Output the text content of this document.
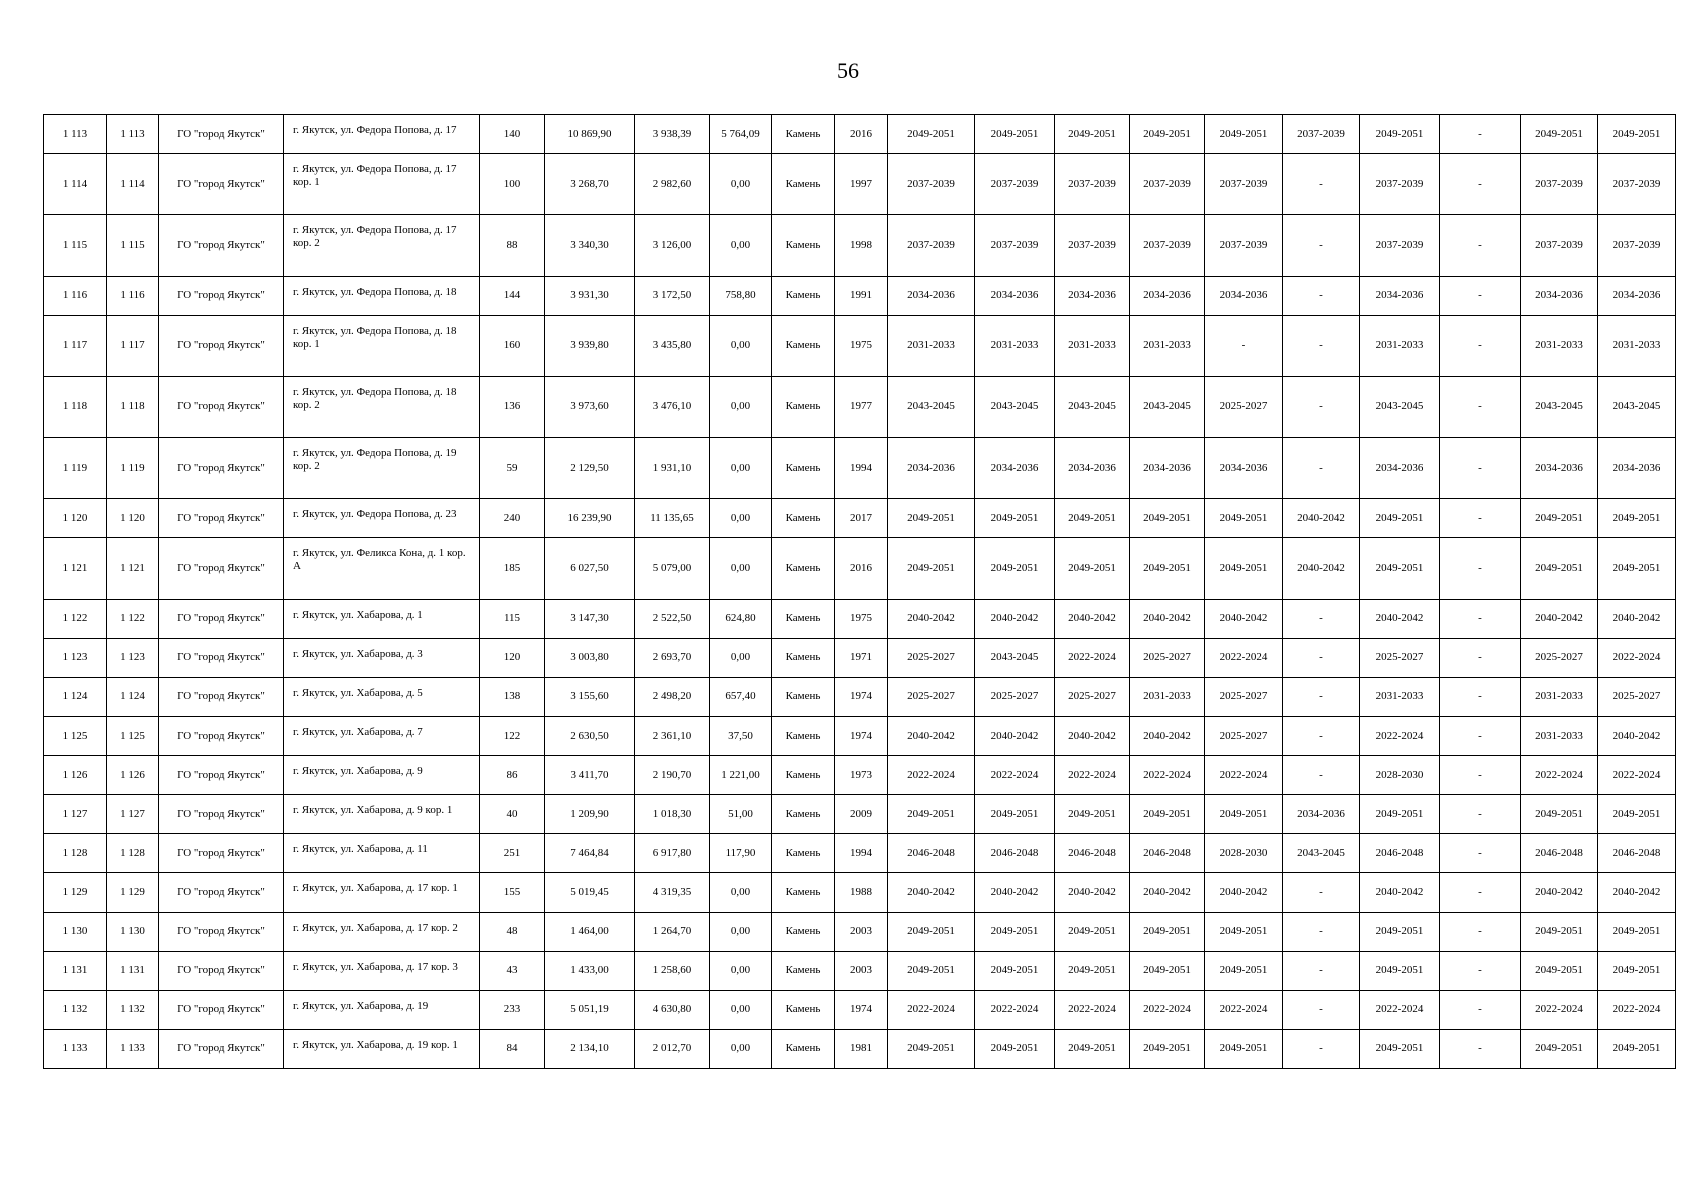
56
1 113	1 113	ГО "город Якутск"	г. Якутск, ул. Федора Попова, д. 17	140	10 869,90	3 938,39	5 764,09	Камень	2016	2049-2051	2049-2051	2049-2051	2049-2051	2049-2051	2037-2039	2049-2051	-	2049-2051	2049-2051
1 114	1 114	ГО "город Якутск"	г. Якутск, ул. Федора Попова, д. 17 кор. 1	100	3 268,70	2 982,60	0,00	Камень	1997	2037-2039	2037-2039	2037-2039	2037-2039	2037-2039	-	2037-2039	-	2037-2039	2037-2039
1 115	1 115	ГО "город Якутск"	г. Якутск, ул. Федора Попова, д. 17 кор. 2	88	3 340,30	3 126,00	0,00	Камень	1998	2037-2039	2037-2039	2037-2039	2037-2039	2037-2039	-	2037-2039	-	2037-2039	2037-2039
1 116	1 116	ГО "город Якутск"	г. Якутск, ул. Федора Попова, д. 18	144	3 931,30	3 172,50	758,80	Камень	1991	2034-2036	2034-2036	2034-2036	2034-2036	2034-2036	-	2034-2036	-	2034-2036	2034-2036
1 117	1 117	ГО "город Якутск"	г. Якутск, ул. Федора Попова, д. 18 кор. 1	160	3 939,80	3 435,80	0,00	Камень	1975	2031-2033	2031-2033	2031-2033	2031-2033	-	-	2031-2033	-	2031-2033	2031-2033
1 118	1 118	ГО "город Якутск"	г. Якутск, ул. Федора Попова, д. 18 кор. 2	136	3 973,60	3 476,10	0,00	Камень	1977	2043-2045	2043-2045	2043-2045	2043-2045	2025-2027	-	2043-2045	-	2043-2045	2043-2045
1 119	1 119	ГО "город Якутск"	г. Якутск, ул. Федора Попова, д. 19 кор. 2	59	2 129,50	1 931,10	0,00	Камень	1994	2034-2036	2034-2036	2034-2036	2034-2036	2034-2036	-	2034-2036	-	2034-2036	2034-2036
1 120	1 120	ГО "город Якутск"	г. Якутск, ул. Федора Попова, д. 23	240	16 239,90	11 135,65	0,00	Камень	2017	2049-2051	2049-2051	2049-2051	2049-2051	2049-2051	2040-2042	2049-2051	-	2049-2051	2049-2051
1 121	1 121	ГО "город Якутск"	г. Якутск, ул. Феликса Кона, д. 1 кор. А	185	6 027,50	5 079,00	0,00	Камень	2016	2049-2051	2049-2051	2049-2051	2049-2051	2049-2051	2040-2042	2049-2051	-	2049-2051	2049-2051
1 122	1 122	ГО "город Якутск"	г. Якутск, ул. Хабарова, д. 1	115	3 147,30	2 522,50	624,80	Камень	1975	2040-2042	2040-2042	2040-2042	2040-2042	2040-2042	-	2040-2042	-	2040-2042	2040-2042
1 123	1 123	ГО "город Якутск"	г. Якутск, ул. Хабарова, д. 3	120	3 003,80	2 693,70	0,00	Камень	1971	2025-2027	2043-2045	2022-2024	2025-2027	2022-2024	-	2025-2027	-	2025-2027	2022-2024
1 124	1 124	ГО "город Якутск"	г. Якутск, ул. Хабарова, д. 5	138	3 155,60	2 498,20	657,40	Камень	1974	2025-2027	2025-2027	2025-2027	2031-2033	2025-2027	-	2031-2033	-	2031-2033	2025-2027
1 125	1 125	ГО "город Якутск"	г. Якутск, ул. Хабарова, д. 7	122	2 630,50	2 361,10	37,50	Камень	1974	2040-2042	2040-2042	2040-2042	2040-2042	2025-2027	-	2022-2024	-	2031-2033	2040-2042
1 126	1 126	ГО "город Якутск"	г. Якутск, ул. Хабарова, д. 9	86	3 411,70	2 190,70	1 221,00	Камень	1973	2022-2024	2022-2024	2022-2024	2022-2024	2022-2024	-	2028-2030	-	2022-2024	2022-2024
1 127	1 127	ГО "город Якутск"	г. Якутск, ул. Хабарова, д. 9 кор. 1	40	1 209,90	1 018,30	51,00	Камень	2009	2049-2051	2049-2051	2049-2051	2049-2051	2049-2051	2034-2036	2049-2051	-	2049-2051	2049-2051
1 128	1 128	ГО "город Якутск"	г. Якутск, ул. Хабарова, д. 11	251	7 464,84	6 917,80	117,90	Камень	1994	2046-2048	2046-2048	2046-2048	2046-2048	2028-2030	2043-2045	2046-2048	-	2046-2048	2046-2048
1 129	1 129	ГО "город Якутск"	г. Якутск, ул. Хабарова, д. 17 кор. 1	155	5 019,45	4 319,35	0,00	Камень	1988	2040-2042	2040-2042	2040-2042	2040-2042	2040-2042	-	2040-2042	-	2040-2042	2040-2042
1 130	1 130	ГО "город Якутск"	г. Якутск, ул. Хабарова, д. 17 кор. 2	48	1 464,00	1 264,70	0,00	Камень	2003	2049-2051	2049-2051	2049-2051	2049-2051	2049-2051	-	2049-2051	-	2049-2051	2049-2051
1 131	1 131	ГО "город Якутск"	г. Якутск, ул. Хабарова, д. 17 кор. 3	43	1 433,00	1 258,60	0,00	Камень	2003	2049-2051	2049-2051	2049-2051	2049-2051	2049-2051	-	2049-2051	-	2049-2051	2049-2051
1 132	1 132	ГО "город Якутск"	г. Якутск, ул. Хабарова, д. 19	233	5 051,19	4 630,80	0,00	Камень	1974	2022-2024	2022-2024	2022-2024	2022-2024	2022-2024	-	2022-2024	-	2022-2024	2022-2024
1 133	1 133	ГО "город Якутск"	г. Якутск, ул. Хабарова, д. 19 кор. 1	84	2 134,10	2 012,70	0,00	Камень	1981	2049-2051	2049-2051	2049-2051	2049-2051	2049-2051	-	2049-2051	-	2049-2051	2049-2051
